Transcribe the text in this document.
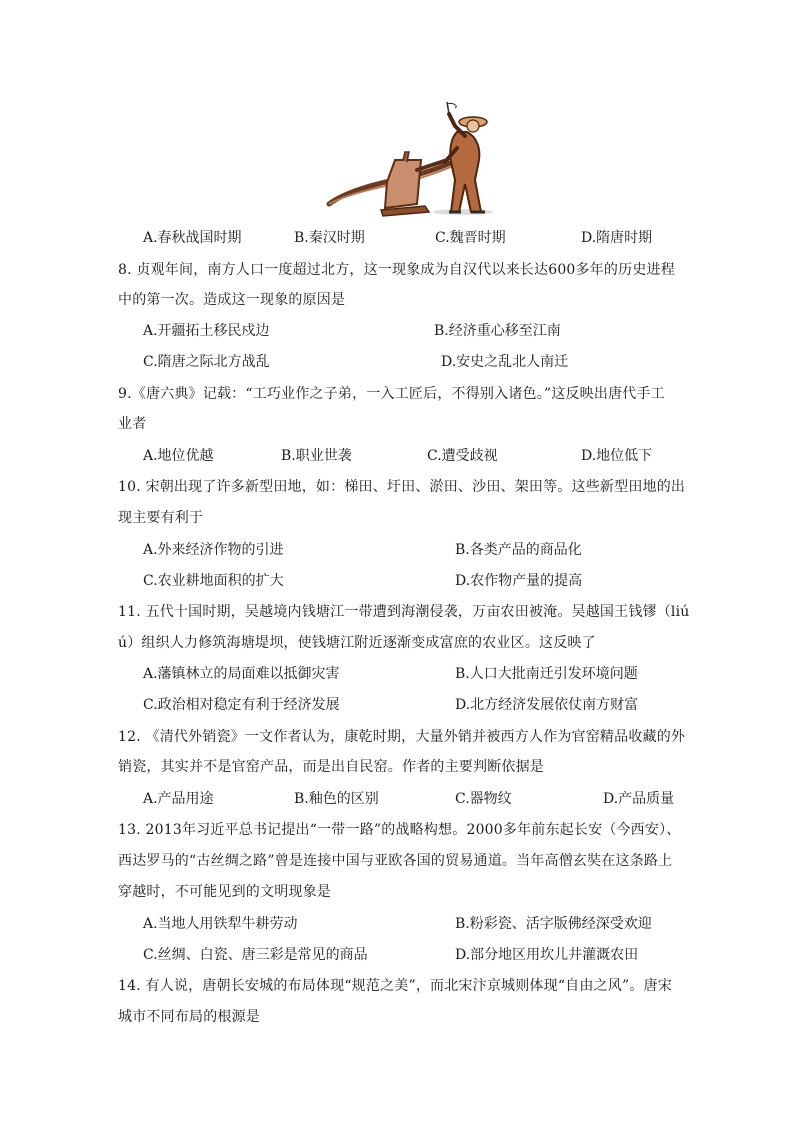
A.春秋战国时期	B.秦汉时期	C.魏晋时期	D.隋唐时期
8. 贞观年间，南方人口一度超过北方，这一现象成为自汉代以来长达600多年的历史进程
中的第一次。造成这一现象的原因是
A.开疆拓土移民戍边	B.经济重心移至江南
C.隋唐之际北方战乱	D.安史之乱北人南迁
9.《唐六典》记载：“工巧业作之子弟，一入工匠后，不得别入诸色。”这反映出唐代手工
业者
A.地位优越	B.职业世袭	C.遭受歧视	D.地位低下
10. 宋朝出现了许多新型田地，如：梯田、圩田、淤田、沙田、架田等。这些新型田地的出
现主要有利于
A.外来经济作物的引进	B.各类产品的商品化
C.农业耕地面积的扩大	D.农作物产量的提高
11. 五代十国时期，吴越境内钱塘江一带遭到海潮侵袭，万亩农田被淹。吴越国王钱镠（liú
ú）组织人力修筑海塘堤坝，使钱塘江附近逐渐变成富庶的农业区。这反映了
A.藩镇林立的局面难以抵御灾害	B.人口大批南迁引发环境问题
C.政治相对稳定有利于经济发展	D.北方经济发展依仗南方财富
12. 《清代外销瓷》一文作者认为，康乾时期，大量外销并被西方人作为官窑精品收藏的外
销瓷，其实并不是官窑产品，而是出自民窑。作者的主要判断依据是
A.产品用途	B.釉色的区别	C.器物纹	D.产品质量
13. 2013年习近平总书记提出“一带一路”的战略构想。2000多年前东起长安（今西安）、
西达罗马的“古丝绸之路”曾是连接中国与亚欧各国的贸易通道。当年高僧玄奘在这条路上
穿越时，不可能见到的文明现象是
A.当地人用铁犁牛耕劳动	B.粉彩瓷、活字版佛经深受欢迎
C.丝绸、白瓷、唐三彩是常见的商品	D.部分地区用坎儿井灌溉农田
14. 有人说，唐朝长安城的布局体现“规范之美”，而北宋汴京城则体现“自由之风”。唐宋
城市不同布局的根源是
